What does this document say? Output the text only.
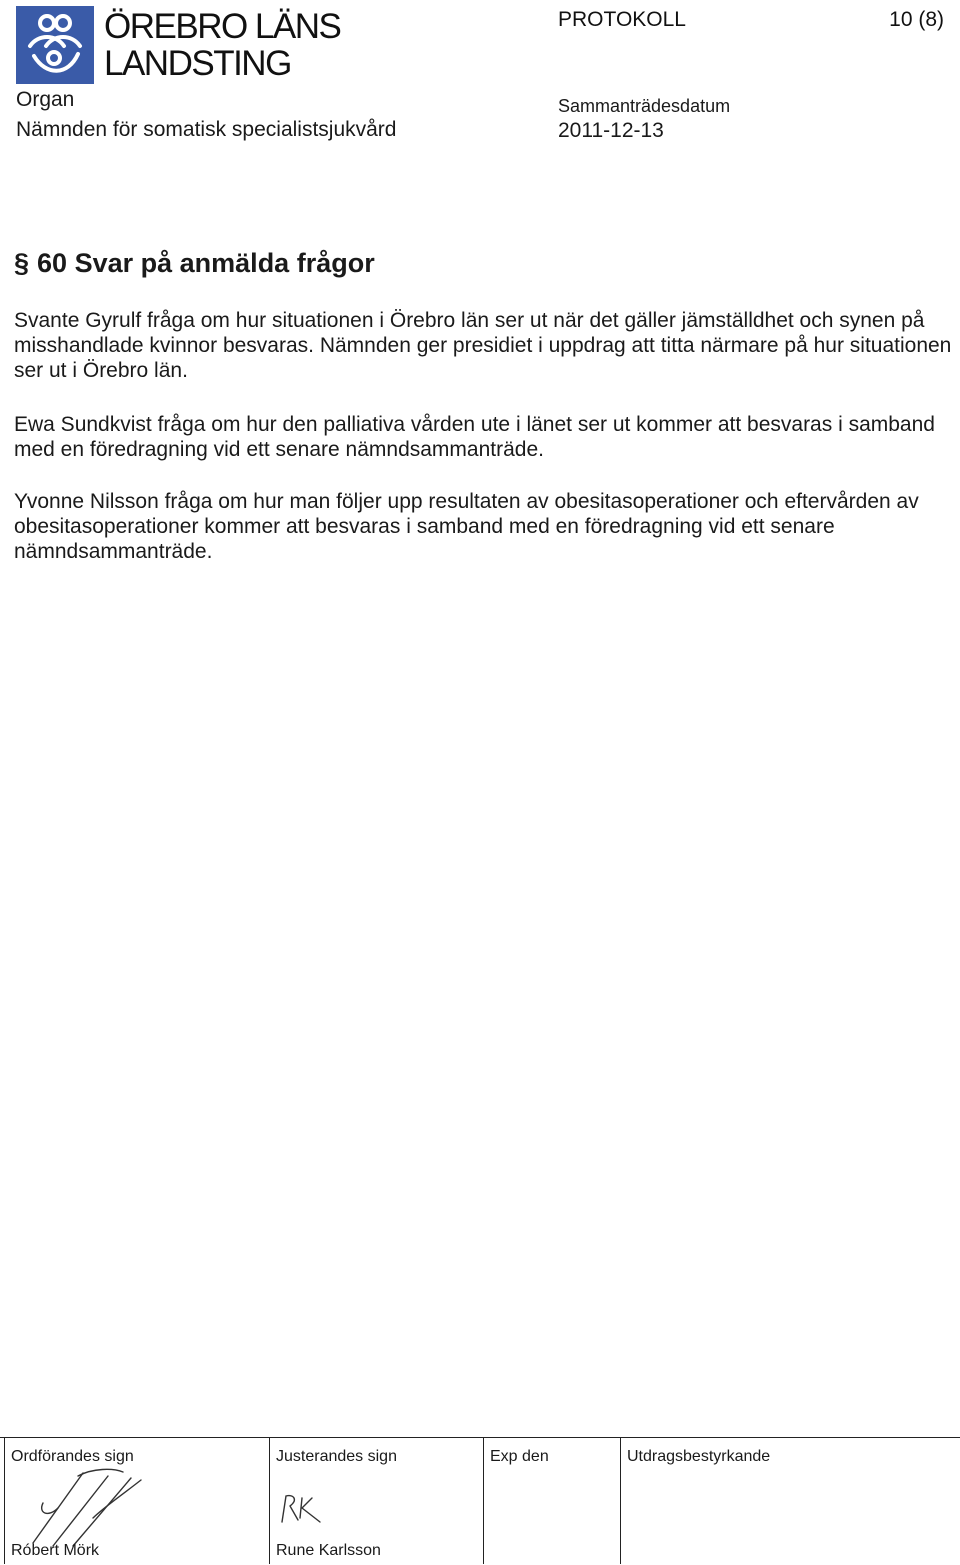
ÖREBRO LÄNS
LANDSTING
PROTOKOLL	10 (8)
Organ
Nämnden för somatisk specialistsjukvård
Sammanträdesdatum
2011-12-13
§ 60 Svar på anmälda frågor
Svante Gyrulf fråga om hur situationen i Örebro län ser ut när det gäller jämställdhet och synen på misshandlade kvinnor besvaras. Nämnden ger presidiet i uppdrag att titta närmare på hur situationen ser ut i Örebro län.
Ewa Sundkvist fråga om hur den palliativa vården ute i länet ser ut kommer att besvaras i samband med en föredragning vid ett senare nämndsammanträde.
Yvonne Nilsson fråga om hur man följer upp resultaten av obesitasoperationer och eftervården av obesitasoperationer kommer att besvaras i samband med en föredragning vid ett senare nämndsammanträde.
Ordförandes sign
Róbert Mörk
Justerandes sign
Rune Karlsson
Exp den	Utdragsbestyrkande
